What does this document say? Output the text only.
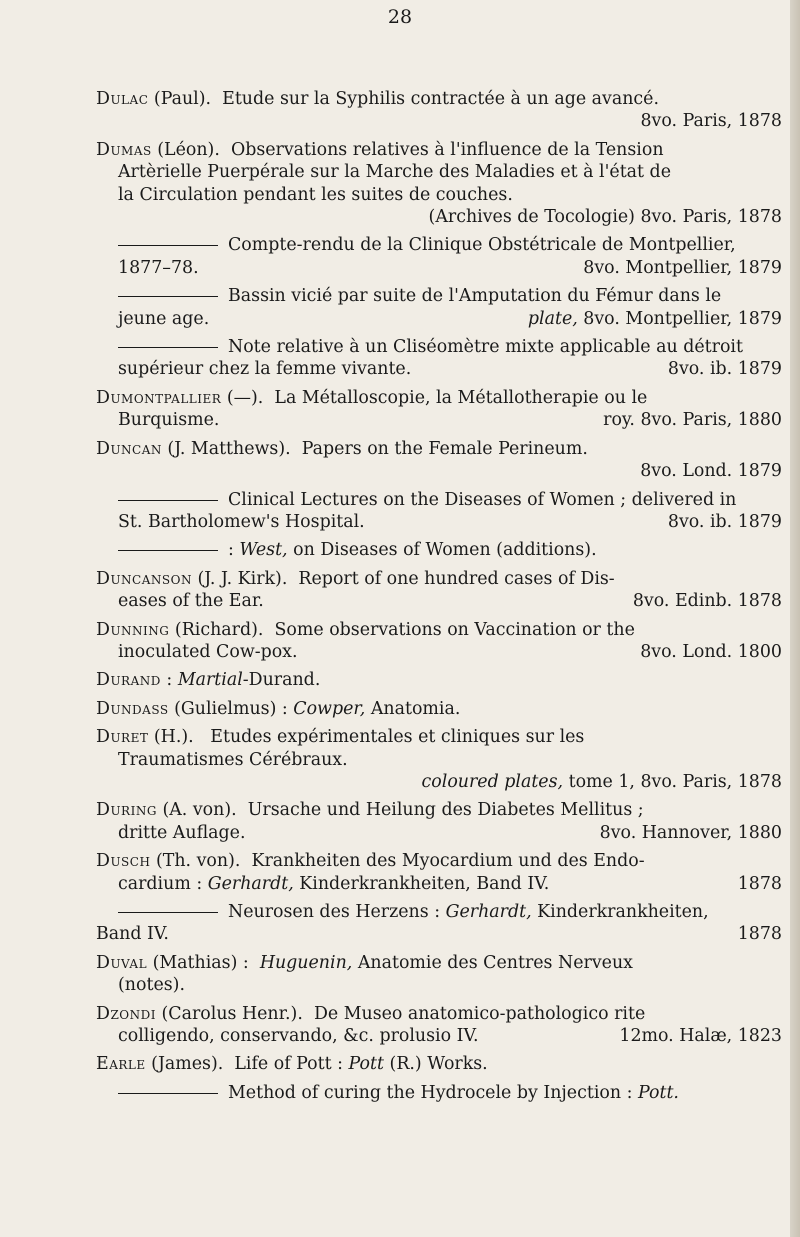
28
Dulac (Paul). Etude sur la Syphilis contractée à un age avancé.
8vo. Paris, 1878
Dumas (Léon). Observations relatives à l'influence de la Tension
Artèrielle Puerpérale sur la Marche des Maladies et à l'état de
la Circulation pendant les suites de couches.
(Archives de Tocologie) 8vo. Paris, 1878
Compte-rendu de la Clinique Obstétricale de Montpellier,
1877–78.	8vo. Montpellier, 1879
Bassin vicié par suite de l'Amputation du Fémur dans le
jeune age.	plate, 8vo. Montpellier, 1879
Note relative à un Cliséomètre mixte applicable au détroit
supérieur chez la femme vivante.	8vo. ib. 1879
Dumontpallier (—). La Métalloscopie, la Métallotherapie ou le
Burquisme.	roy. 8vo. Paris, 1880
Duncan (J. Matthews). Papers on the Female Perineum.
8vo. Lond. 1879
Clinical Lectures on the Diseases of Women ; delivered in
St. Bartholomew's Hospital.	8vo. ib. 1879
: West, on Diseases of Women (additions).
Duncanson (J. J. Kirk). Report of one hundred cases of Dis-
eases of the Ear.	8vo. Edinb. 1878
Dunning (Richard). Some observations on Vaccination or the
inoculated Cow-pox.	8vo. Lond. 1800
Durand : Martial-Durand.
Dundass (Gulielmus) : Cowper, Anatomia.
Duret (H.). Etudes expérimentales et cliniques sur les
Traumatismes Cérébraux.
coloured plates, tome 1, 8vo. Paris, 1878
During (A. von). Ursache und Heilung des Diabetes Mellitus ;
dritte Auflage.	8vo. Hannover, 1880
Dusch (Th. von). Krankheiten des Myocardium und des Endo-
cardium : Gerhardt, Kinderkrankheiten, Band IV.	1878
Neurosen des Herzens : Gerhardt, Kinderkrankheiten,
Band IV.	1878
Duval (Mathias) : Huguenin, Anatomie des Centres Nerveux
(notes).
Dzondi (Carolus Henr.). De Museo anatomico-pathologico rite
colligendo, conservando, &c. prolusio IV.	12mo. Halæ, 1823
Earle (James). Life of Pott : Pott (R.) Works.
Method of curing the Hydrocele by Injection : Pott.
